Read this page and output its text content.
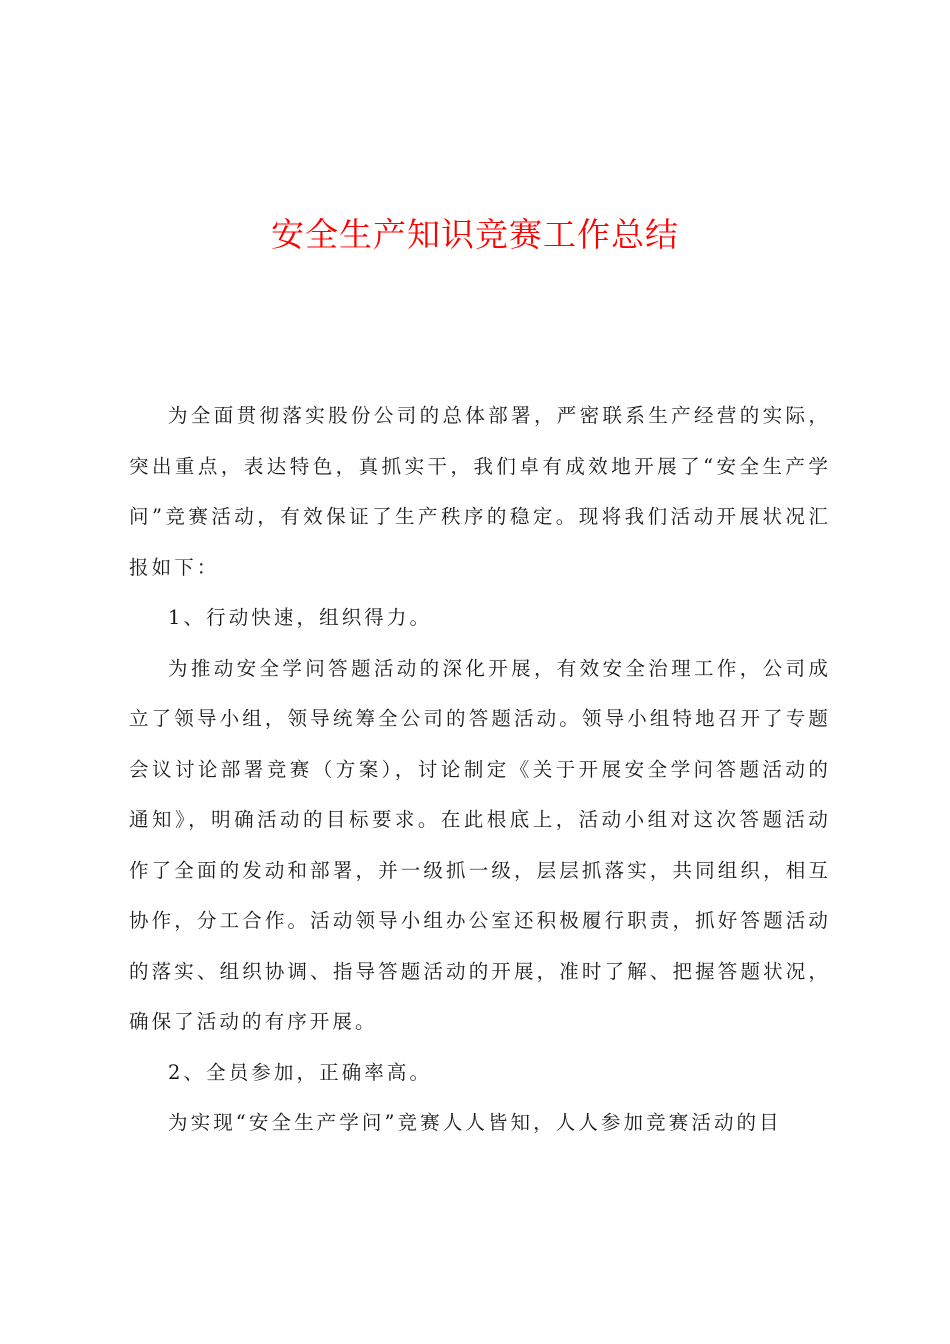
安全生产知识竞赛工作总结

为全面贯彻落实股份公司的总体部署，严密联系生产经营的实际，突出重点，表达特色，真抓实干，我们卓有成效地开展了“安全生产学问”竞赛活动，有效保证了生产秩序的稳定。现将我们活动开展状况汇报如下：

1、行动快速，组织得力。

为推动安全学问答题活动的深化开展，有效安全治理工作，公司成立了领导小组，领导统筹全公司的答题活动。领导小组特地召开了专题会议讨论部署竞赛（方案），讨论制定《关于开展安全学问答题活动的通知》，明确活动的目标要求。在此根底上，活动小组对这次答题活动作了全面的发动和部署，并一级抓一级，层层抓落实，共同组织，相互协作，分工合作。活动领导小组办公室还积极履行职责，抓好答题活动的落实、组织协调、指导答题活动的开展，准时了解、把握答题状况，确保了活动的有序开展。

2、全员参加，正确率高。

为实现“安全生产学问”竞赛人人皆知，人人参加竞赛活动的目
